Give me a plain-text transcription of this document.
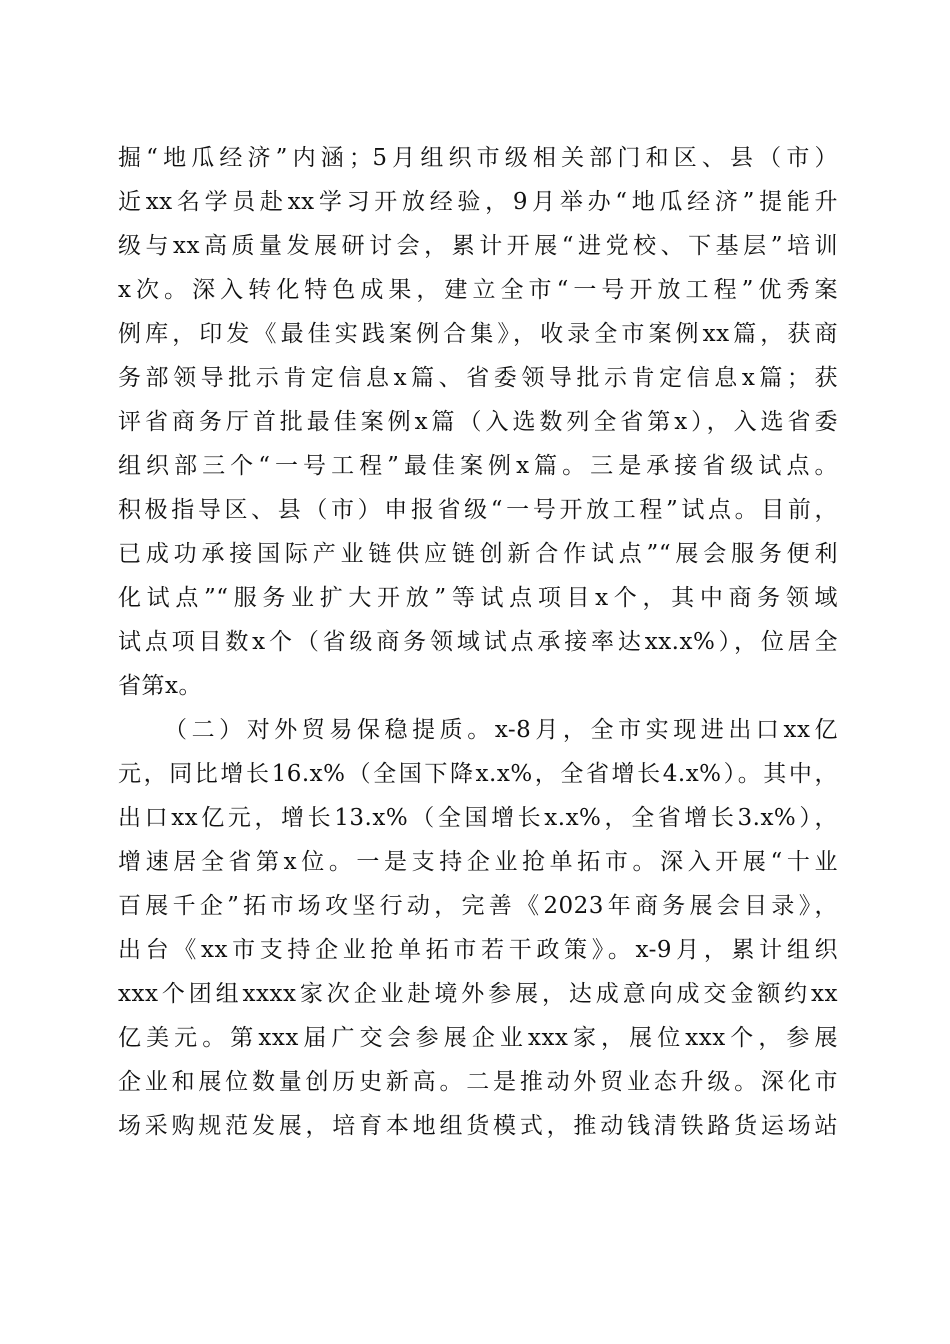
掘“地瓜经济”内涵；5月组织市级相关部门和区、县（市）
近xx名学员赴xx学习开放经验，9月举办“地瓜经济”提能升
级与xx高质量发展研讨会，累计开展“进党校、下基层”培训
x次。深入转化特色成果，建立全市“一号开放工程”优秀案
例库，印发《最佳实践案例合集》，收录全市案例xx篇，获商
务部领导批示肯定信息x篇、省委领导批示肯定信息x篇；获
评省商务厅首批最佳案例x篇（入选数列全省第x），入选省委
组织部三个“一号工程”最佳案例x篇。三是承接省级试点。
积极指导区、县（市）申报省级“一号开放工程”试点。目前，
已成功承接国际产业链供应链创新合作试点”“展会服务便利
化试点”“服务业扩大开放”等试点项目x个，其中商务领域
试点项目数x个（省级商务领域试点承接率达xx.x%），位居全
省第x。
（二）对外贸易保稳提质。x-8月，全市实现进出口xx亿
元，同比增长16.x%（全国下降x.x%，全省增长4.x%）。其中，
出口xx亿元，增长13.x%（全国增长x.x%，全省增长3.x%），
增速居全省第x位。一是支持企业抢单拓市。深入开展“十业
百展千企”拓市场攻坚行动，完善《2023年商务展会目录》，
出台《xx市支持企业抢单拓市若干政策》。x-9月，累计组织
xxx个团组xxxx家次企业赴境外参展，达成意向成交金额约xx
亿美元。第xxx届广交会参展企业xxx家，展位xxx个，参展
企业和展位数量创历史新高。二是推动外贸业态升级。深化市
场采购规范发展，培育本地组货模式，推动钱清铁路货运场站
